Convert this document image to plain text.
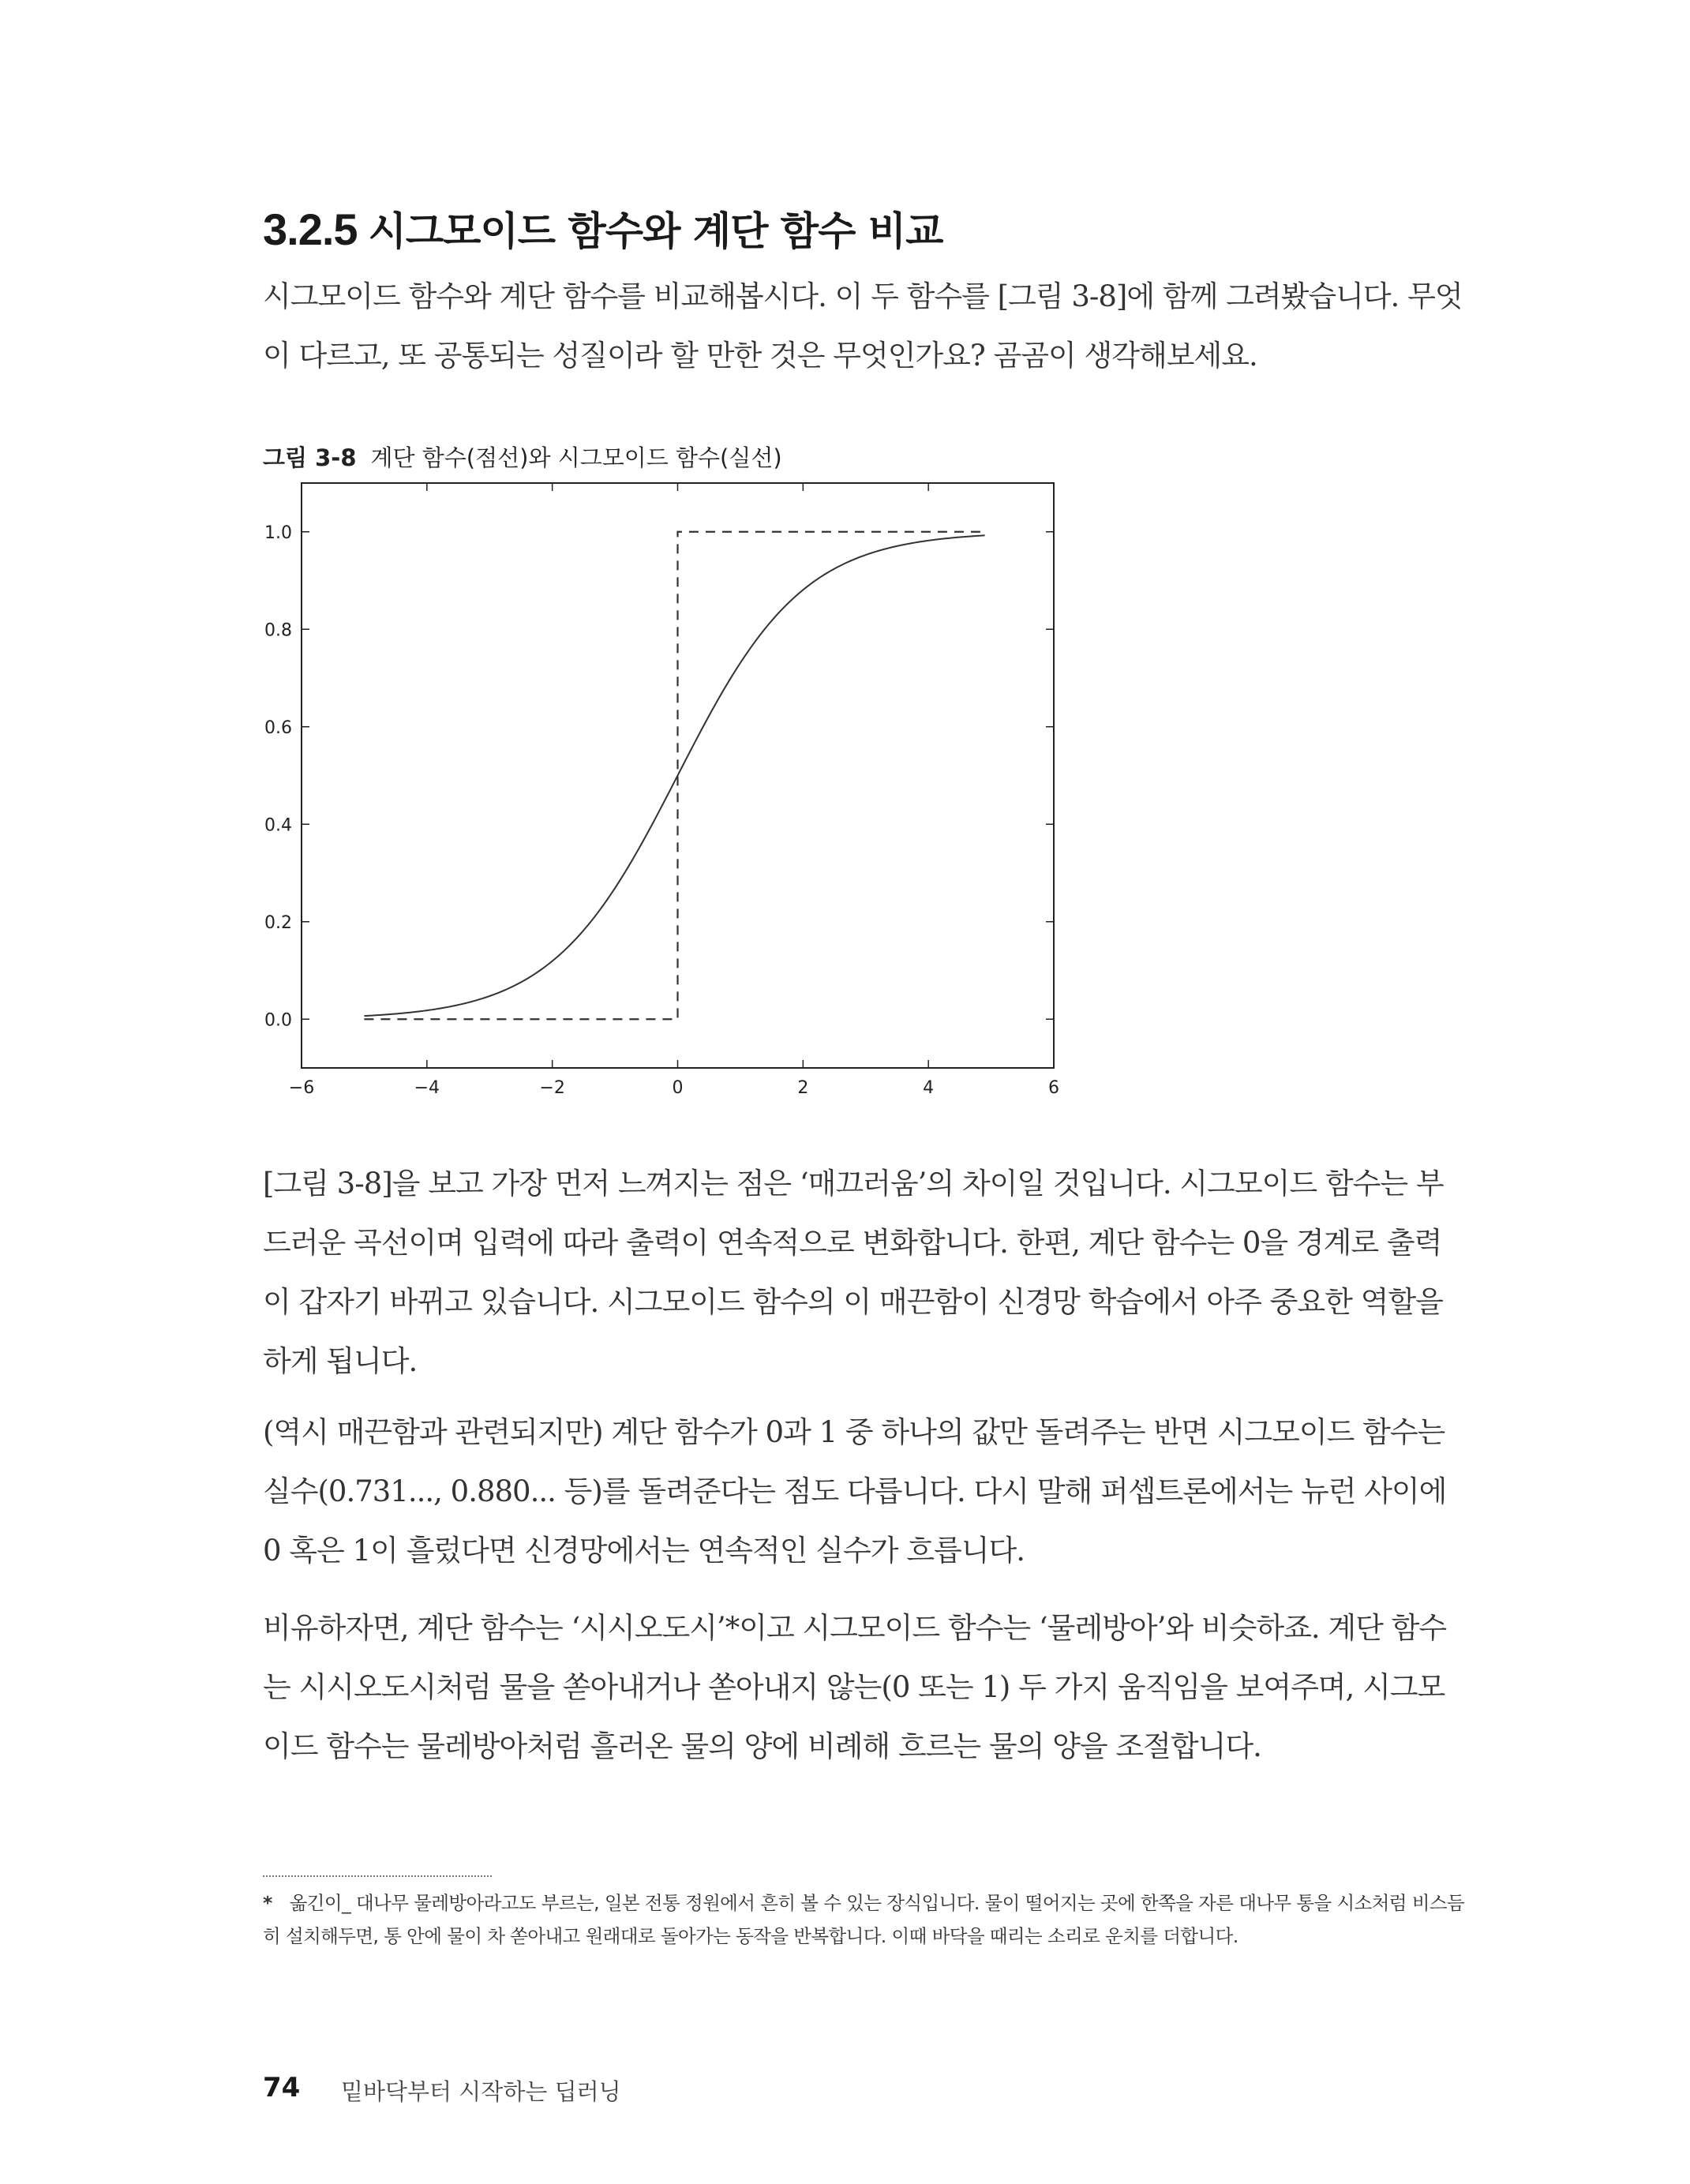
3.2.5 시그모이드 함수와 계단 함수 비교

시그모이드 함수와 계단 함수를 비교해봅시다. 이 두 함수를 [그림 3-8]에 함께 그려봤습니다. 무엇이 다르고, 또 공통되는 성질이라 할 만한 것은 무엇인가요? 곰곰이 생각해보세요.

그림 3-8 계단 함수(점선)와 시그모이드 함수(실선)
−6	−4	−2	0	2	4	6
0.0
0.2
0.4
0.6
0.8
1.0

[그림 3-8]을 보고 가장 먼저 느껴지는 점은 ‘매끄러움’의 차이일 것입니다. 시그모이드 함수는 부드러운 곡선이며 입력에 따라 출력이 연속적으로 변화합니다. 한편, 계단 함수는 0을 경계로 출력이 갑자기 바뀌고 있습니다. 시그모이드 함수의 이 매끈함이 신경망 학습에서 아주 중요한 역할을 하게 됩니다.

(역시 매끈함과 관련되지만) 계단 함수가 0과 1 중 하나의 값만 돌려주는 반면 시그모이드 함수는 실수(0.731..., 0.880... 등)를 돌려준다는 점도 다릅니다. 다시 말해 퍼셉트론에서는 뉴런 사이에 0 혹은 1이 흘렀다면 신경망에서는 연속적인 실수가 흐릅니다.

비유하자면, 계단 함수는 ‘시시오도시’*이고 시그모이드 함수는 ‘물레방아’와 비슷하죠. 계단 함수는 시시오도시처럼 물을 쏟아내거나 쏟아내지 않는(0 또는 1) 두 가지 움직임을 보여주며, 시그모이드 함수는 물레방아처럼 흘러온 물의 양에 비례해 흐르는 물의 양을 조절합니다.

* 옮긴이_ 대나무 물레방아라고도 부르는, 일본 전통 정원에서 흔히 볼 수 있는 장식입니다. 물이 떨어지는 곳에 한쪽을 자른 대나무 통을 시소처럼 비스듬히 설치해두면, 통 안에 물이 차 쏟아내고 원래대로 돌아가는 동작을 반복합니다. 이때 바닥을 때리는 소리로 운치를 더합니다.

74 밑바닥부터 시작하는 딥러닝
